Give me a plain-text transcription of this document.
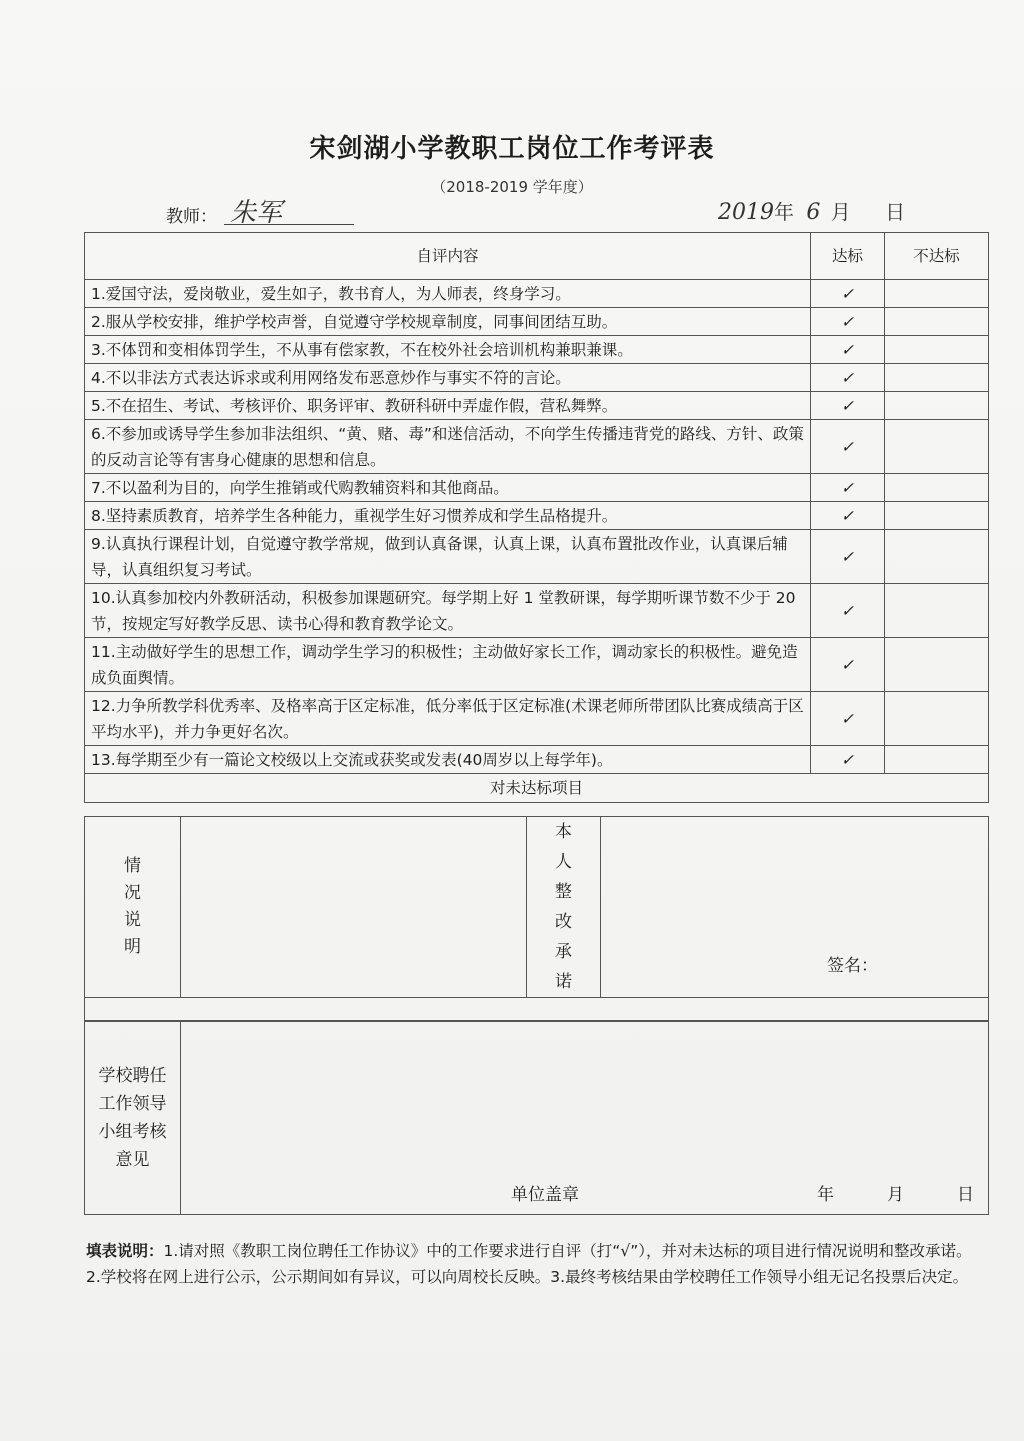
宋剑湖小学教职工岗位工作考评表
（2018-2019 学年度）
教师： 朱军	2019年 6 月 日
自评内容	达标	不达标
1.爱国守法，爱岗敬业，爱生如子，教书育人，为人师表，终身学习。	✓	
2.服从学校安排，维护学校声誉，自觉遵守学校规章制度，同事间团结互助。	✓	
3.不体罚和变相体罚学生，不从事有偿家教，不在校外社会培训机构兼职兼课。	✓	
4.不以非法方式表达诉求或利用网络发布恶意炒作与事实不符的言论。	✓	
5.不在招生、考试、考核评价、职务评审、教研科研中弄虚作假，营私舞弊。	✓	
6.不参加或诱导学生参加非法组织、“黄、赌、毒”和迷信活动，不向学生传播违背党的路线、方针、政策的反动言论等有害身心健康的思想和信息。	✓	
7.不以盈利为目的，向学生推销或代购教辅资料和其他商品。	✓	
8.坚持素质教育，培养学生各种能力，重视学生好习惯养成和学生品格提升。	✓	
9.认真执行课程计划，自觉遵守教学常规，做到认真备课，认真上课，认真布置批改作业，认真课后辅导，认真组织复习考试。	✓	
10.认真参加校内外教研活动，积极参加课题研究。每学期上好 1 堂教研课，每学期听课节数不少于 20 节，按规定写好教学反思、读书心得和教育教学论文。	✓	
11.主动做好学生的思想工作，调动学生学习的积极性；主动做好家长工作，调动家长的积极性。避免造成负面舆情。	✓	
12.力争所教学科优秀率、及格率高于区定标准，低分率低于区定标准(术课老师所带团队比赛成绩高于区平均水平)，并力争更好名次。	✓	
13.每学期至少有一篇论文校级以上交流或获奖或发表(40周岁以上每学年)。	✓	
对未达标项目		
情况说明

本人整改承诺

签名：

学校聘任工作领导小组考核意见

单位盖章	年	月	日
填表说明：1.请对照《教职工岗位聘任工作协议》中的工作要求进行自评（打“√”），并对未达标的项目进行情况说明和整改承诺。2.学校将在网上进行公示，公示期间如有异议，可以向周校长反映。3.最终考核结果由学校聘任工作领导小组无记名投票后决定。
